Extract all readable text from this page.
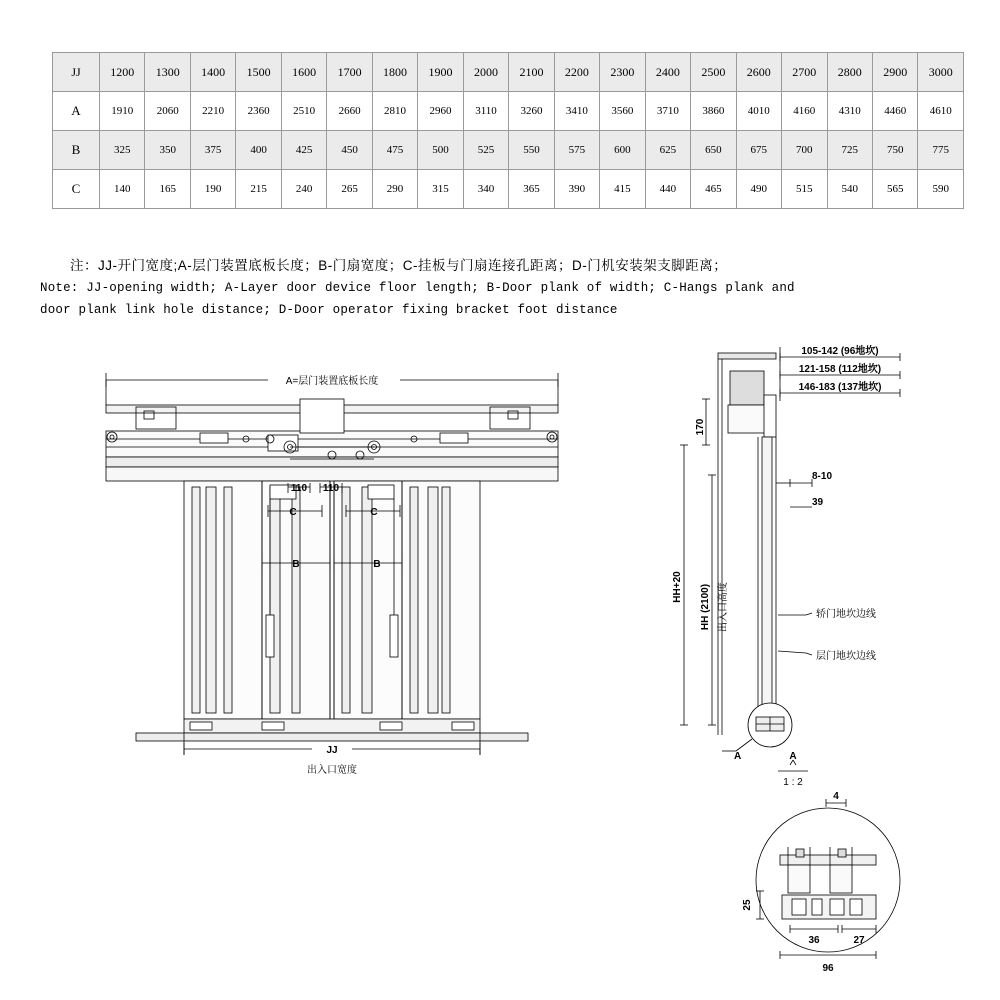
JJ	1200	1300	1400	1500	1600	1700	1800	1900	2000	2100	2200	2300	2400	2500	2600	2700	2800	2900	3000
A	1910	2060	2210	2360	2510	2660	2810	2960	3110	3260	3410	3560	3710	3860	4010	4160	4310	4460	4610
B	325	350	375	400	425	450	475	500	525	550	575	600	625	650	675	700	725	750	775
C	140	165	190	215	240	265	290	315	340	365	390	415	440	465	490	515	540	565	590
注：JJ-开门宽度;A-层门装置底板长度；B-门扇宽度；C-挂板与门扇连接孔距离；D-门机安装架支脚距离；
Note: JJ-opening width; A-Layer door device floor length; B-Door plank of width; C-Hangs plank and
door plank link hole distance; D-Door operator fixing bracket foot distance
A=层门装置底板长度
110 110
C	C
B	B
JJ
出入口宽度
105-142 (96地坎)
121-158 (112地坎)
146-183 (137地坎)
170
8-10
39
HH+20 HH (2100) 出入口高度	轿门地坎边线
层门地坎边线
A	A
1 : 2
4
25
36	27
96
